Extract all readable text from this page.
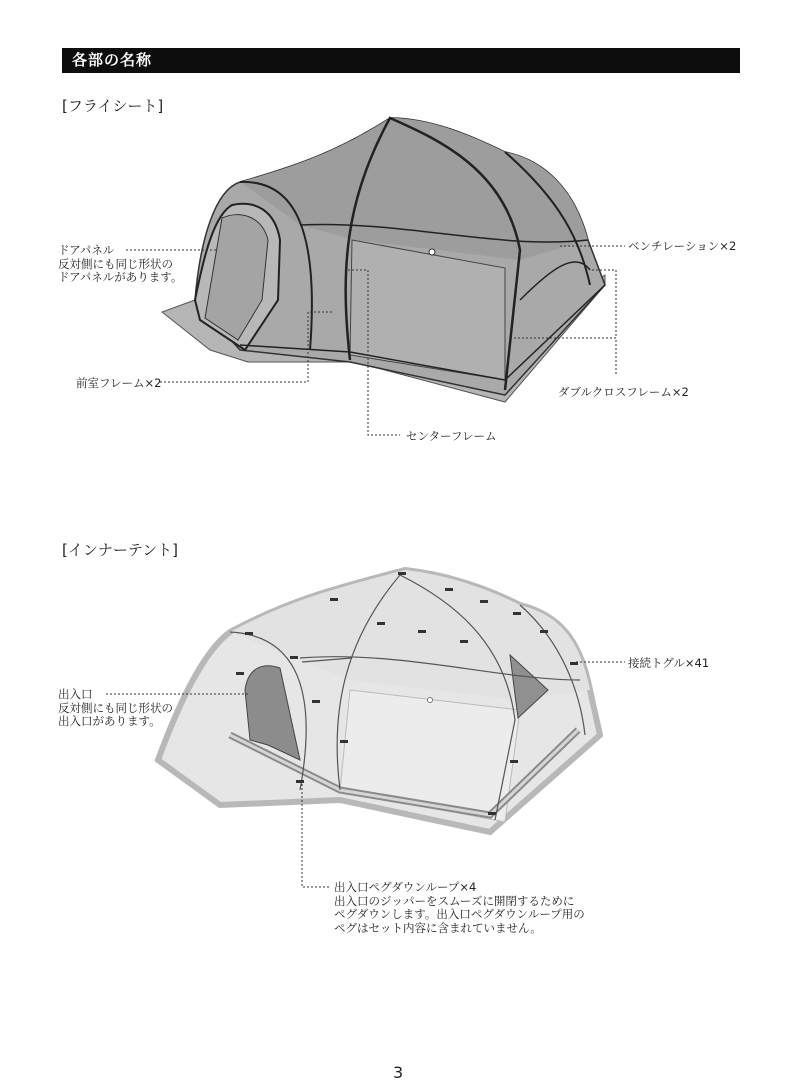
各部の名称
[フライシート]
[インナーテント]
ドアパネル
反対側にも同じ形状の
ドアパネルがあります。
ベンチレーション×2
前室フレーム×2
ダブルクロスフレーム×2
センターフレーム
出入口
反対側にも同じ形状の
出入口があります。
接続トグル×41
出入口ペグダウンループ×4
出入口のジッパーをスムーズに開閉するために
ペグダウンします。出入口ペグダウンループ用の
ペグはセット内容に含まれていません。
3
